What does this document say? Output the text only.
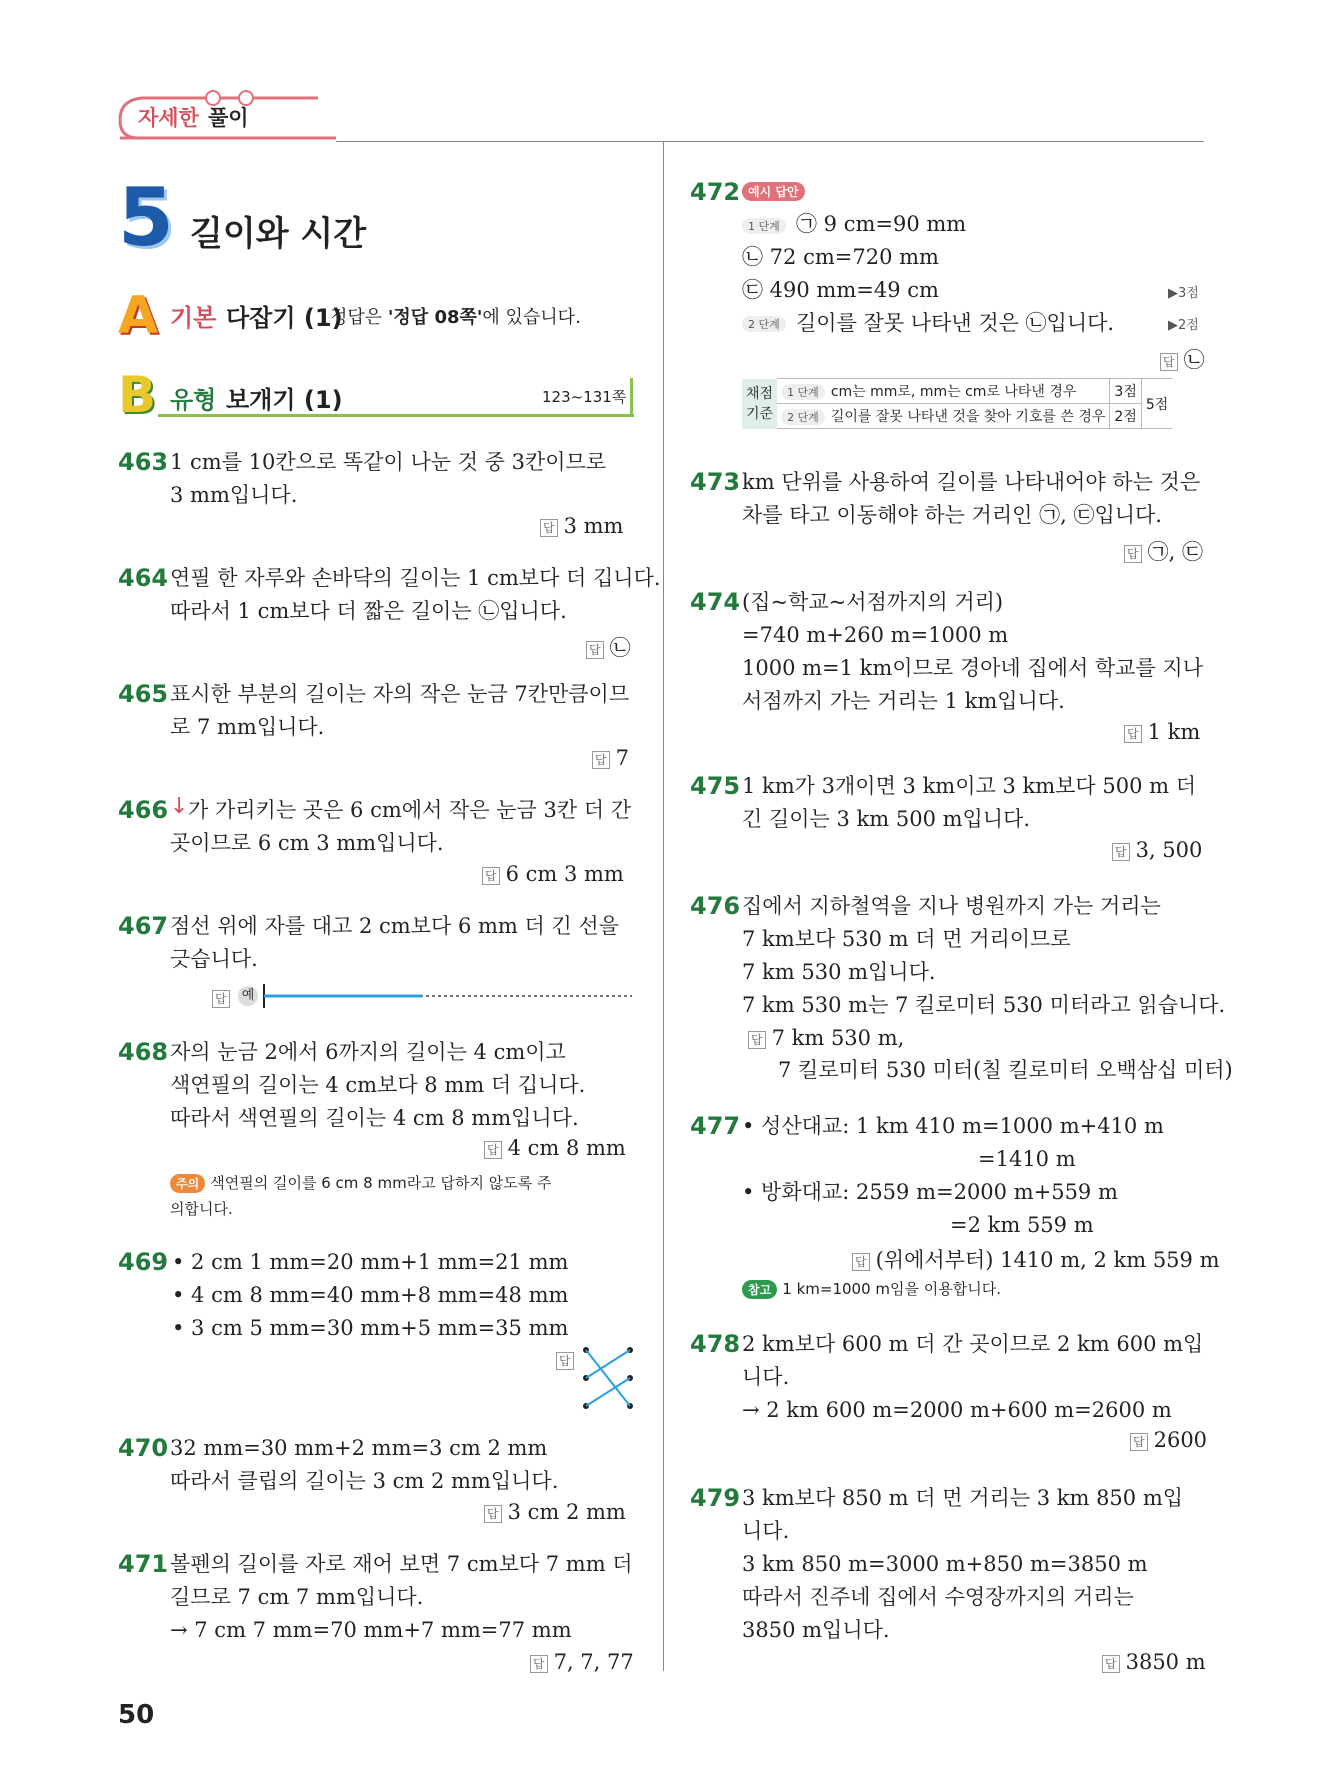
자세한 풀이
5 길이와 시간
A 기본 다잡기 (1)
정답은 '정답 08쪽'에 있습니다.
B 유형 보개기 (1)	123~131쪽
463 1 cm를 10칸으로 똑같이 나눈 것 중 3칸이므로
3 mm입니다.
답 3 mm
464 연필 한 자루와 손바닥의 길이는 1 cm보다 더 깁니다.
따라서 1 cm보다 더 짧은 길이는 ㉡입니다.
답 ㉡
465 표시한 부분의 길이는 자의 작은 눈금 7칸만큼이므
로 7 mm입니다.
답 7
466 ↓ 가 가리키는 곳은 6 cm에서 작은 눈금 3칸 더 간
곳이므로 6 cm 3 mm입니다.
답 6 cm 3 mm
467 점선 위에 자를 대고 2 cm보다 6 mm 더 긴 선을
긋습니다.
답 예
468 자의 눈금 2에서 6까지의 길이는 4 cm이고
색연필의 길이는 4 cm보다 8 mm 더 깁니다.
따라서 색연필의 길이는 4 cm 8 mm입니다.
답 4 cm 8 mm
주의 색연필의 길이를 6 cm 8 mm라고 답하지 않도록 주
의합니다.
469 • 2 cm 1 mm=20 mm+1 mm=21 mm
• 4 cm 8 mm=40 mm+8 mm=48 mm
• 3 cm 5 mm=30 mm+5 mm=35 mm
답
470 32 mm=30 mm+2 mm=3 cm 2 mm
따라서 클립의 길이는 3 cm 2 mm입니다.
답 3 cm 2 mm
471 볼펜의 길이를 자로 재어 보면 7 cm보다 7 mm 더
길므로 7 cm 7 mm입니다.
→ 7 cm 7 mm=70 mm+7 mm=77 mm
답 7, 7, 77
472 예시 답안
1 단계 ㉠ 9 cm=90 mm
㉡ 72 cm=720 mm
㉢ 490 mm=49 cm	▶3점
2 단계 길이를 잘못 나타낸 것은 ㉡입니다.	▶2점
답 ㉡
채점
기준	1 단계 cm는 mm로, mm는 cm로 나타낸 경우	3점	5점
	2 단계 길이를 잘못 나타낸 것을 찾아 기호를 쓴 경우	2점	
473 km 단위를 사용하여 길이를 나타내어야 하는 것은
차를 타고 이동해야 하는 거리인 ㉠, ㉢입니다.
답 ㉠, ㉢
474 (집~학교~서점까지의 거리)
=740 m+260 m=1000 m
1000 m=1 km이므로 경아네 집에서 학교를 지나
서점까지 가는 거리는 1 km입니다.
답 1 km
475 1 km가 3개이면 3 km이고 3 km보다 500 m 더
긴 길이는 3 km 500 m입니다.
답 3, 500
476 집에서 지하철역을 지나 병원까지 가는 거리는
7 km보다 530 m 더 먼 거리이므로
7 km 530 m입니다.
7 km 530 m는 7 킬로미터 530 미터라고 읽습니다.
답 7 km 530 m,
7 킬로미터 530 미터(칠 킬로미터 오백삼십 미터)
477 • 성산대교: 1 km 410 m=1000 m+410 m
=1410 m
• 방화대교: 2559 m=2000 m+559 m
=2 km 559 m
답 (위에서부터) 1410 m, 2 km 559 m
참고 1 km=1000 m임을 이용합니다.
478 2 km보다 600 m 더 간 곳이므로 2 km 600 m입
니다.
→ 2 km 600 m=2000 m+600 m=2600 m
답 2600
479 3 km보다 850 m 더 먼 거리는 3 km 850 m입
니다.
3 km 850 m=3000 m+850 m=3850 m
따라서 진주네 집에서 수영장까지의 거리는
3850 m입니다.
답 3850 m
50
